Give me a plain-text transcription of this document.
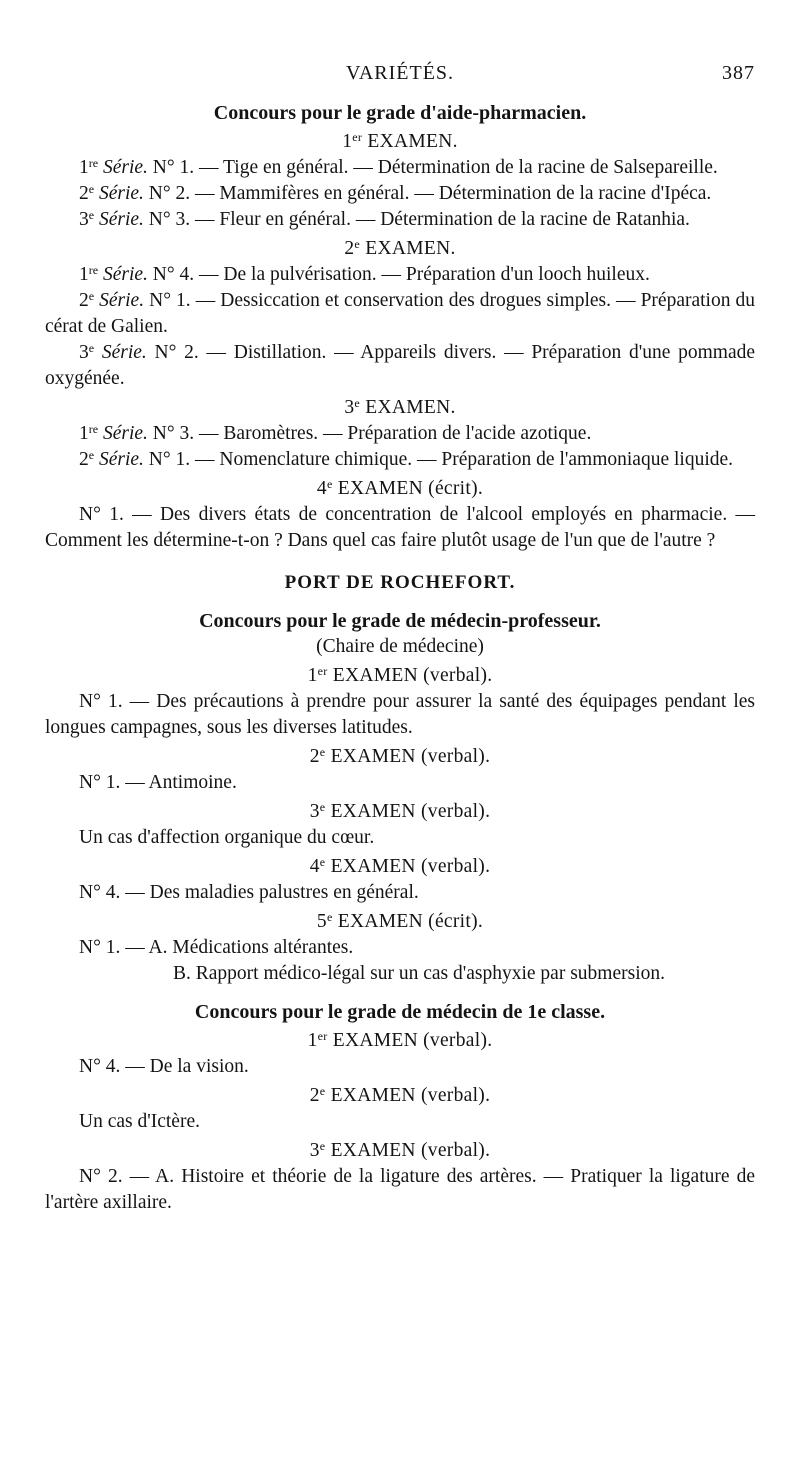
VARIÉTÉS.	387
Concours pour le grade d'aide-pharmacien.
1er EXAMEN.
1re Série. N° 1. — Tige en général. — Détermination de la racine de Salsepareille.
2e Série. N° 2. — Mammifères en général. — Détermination de la racine d'Ipéca.
3e Série. N° 3. — Fleur en général. — Détermination de la racine de Ratanhia.
2e EXAMEN.
1re Série. N° 4. — De la pulvérisation. — Préparation d'un looch huileux.
2e Série. N° 1. — Dessiccation et conservation des drogues simples. — Préparation du cérat de Galien.
3e Série. N° 2. — Distillation. — Appareils divers. — Préparation d'une pommade oxygénée.
3e EXAMEN.
1re Série. N° 3. — Baromètres. — Préparation de l'acide azotique.
2e Série. N° 1. — Nomenclature chimique. — Préparation de l'ammoniaque liquide.
4e EXAMEN (écrit).
N° 1. — Des divers états de concentration de l'alcool employés en pharmacie. — Comment les détermine-t-on ? Dans quel cas faire plutôt usage de l'un que de l'autre ?
PORT DE ROCHEFORT.
Concours pour le grade de médecin-professeur.
(Chaire de médecine)
1er EXAMEN (verbal).
N° 1. — Des précautions à prendre pour assurer la santé des équipages pendant les longues campagnes, sous les diverses latitudes.
2e EXAMEN (verbal).
N° 1. — Antimoine.
3e EXAMEN (verbal).
Un cas d'affection organique du cœur.
4e EXAMEN (verbal).
N° 4. — Des maladies palustres en général.
5e EXAMEN (écrit).
N° 1. — A. Médications altérantes.
B. Rapport médico-légal sur un cas d'asphyxie par submersion.
Concours pour le grade de médecin de 1e classe.
1er EXAMEN (verbal).
N° 4. — De la vision.
2e EXAMEN (verbal).
Un cas d'Ictère.
3e EXAMEN (verbal).
N° 2. — A. Histoire et théorie de la ligature des artères. — Pratiquer la ligature de l'artère axillaire.
